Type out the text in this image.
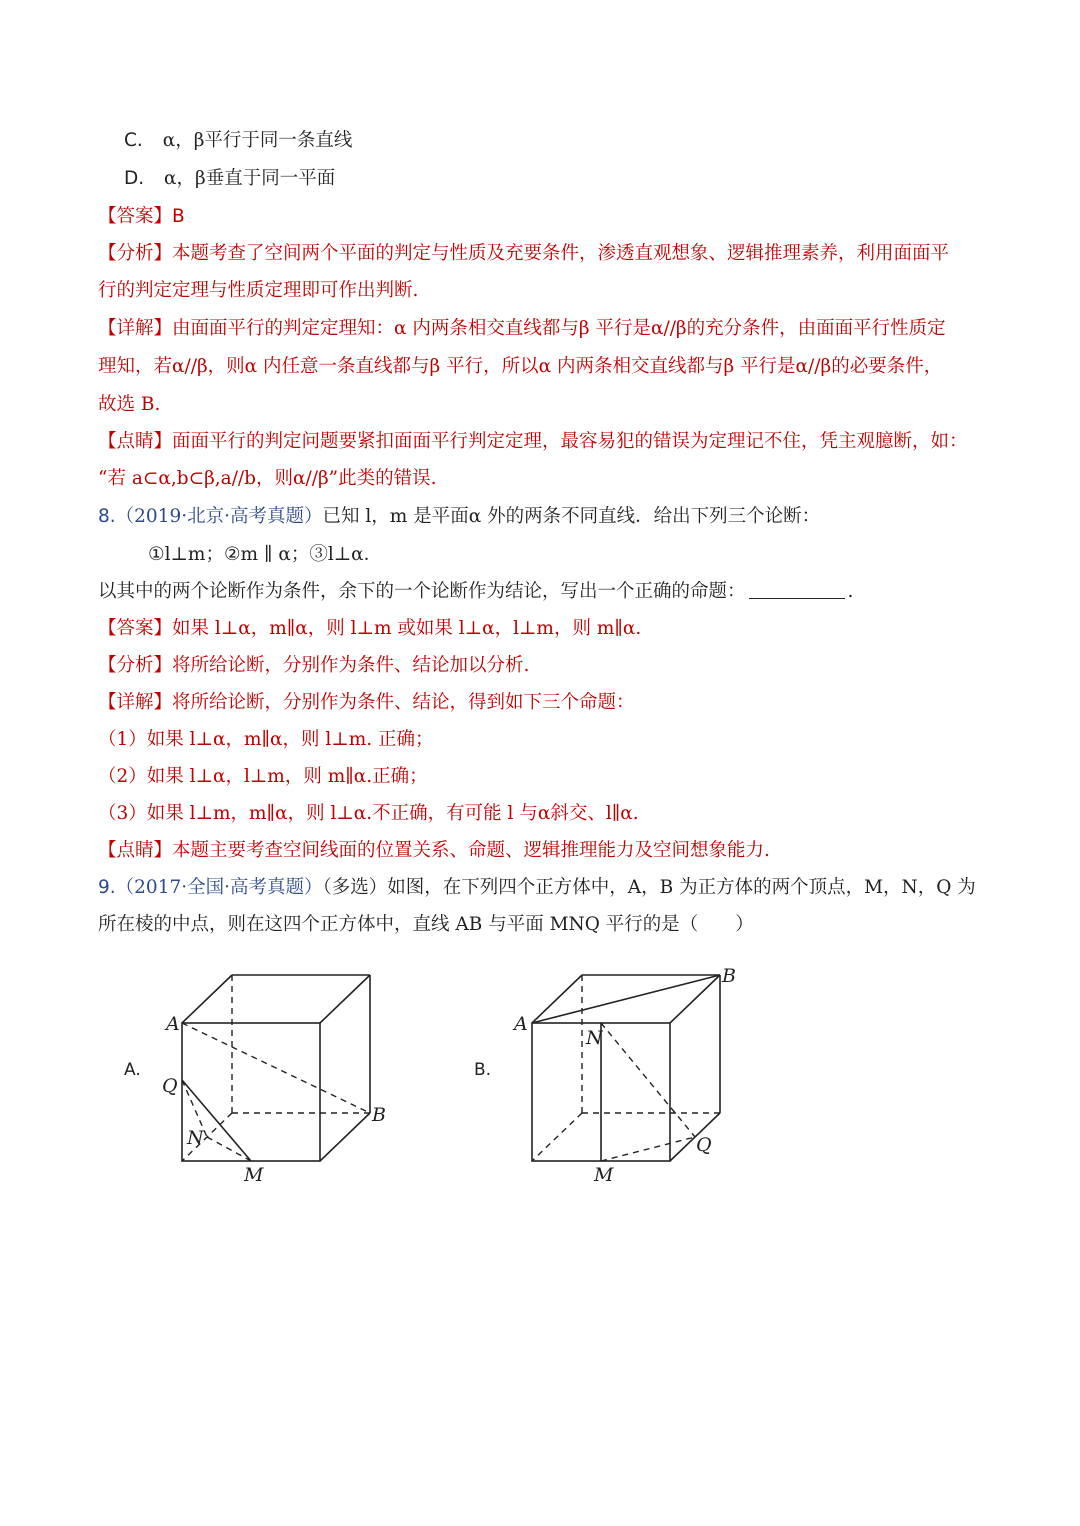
C. α，β平行于同一条直线
D. α，β垂直于同一平面
【答案】B
【分析】本题考查了空间两个平面的判定与性质及充要条件，渗透直观想象、逻辑推理素养，利用面面平
行的判定定理与性质定理即可作出判断.
【详解】由面面平行的判定定理知：α 内两条相交直线都与β 平行是α//β的充分条件，由面面平行性质定
理知，若α//β，则α 内任意一条直线都与β 平行，所以α 内两条相交直线都与β 平行是α//β的必要条件，
故选 B.
【点睛】面面平行的判定问题要紧扣面面平行判定定理，最容易犯的错误为定理记不住，凭主观臆断，如：
“若 a⊂α,b⊂β,a//b，则α//β”此类的错误.
8.（2019·北京·高考真题）已知 l，m 是平面α 外的两条不同直线．给出下列三个论断：
①l⊥m；②m ∥ α；③l⊥α．
以其中的两个论断作为条件，余下的一个论断作为结论，写出一个正确的命题：	.
【答案】如果 l⊥α，m∥α，则 l⊥m 或如果 l⊥α，l⊥m，则 m∥α.
【分析】将所给论断，分别作为条件、结论加以分析.
【详解】将所给论断，分别作为条件、结论，得到如下三个命题：
（1）如果 l⊥α，m∥α，则 l⊥m. 正确；
（2）如果 l⊥α，l⊥m，则 m∥α.正确；
（3）如果 l⊥m，m∥α，则 l⊥α.不正确，有可能 l 与α斜交、l∥α.
【点睛】本题主要考查空间线面的位置关系、命题、逻辑推理能力及空间想象能力.
9.（2017·全国·高考真题）（多选）如图，在下列四个正方体中，A，B 为正方体的两个顶点，M，N，Q 为
所在棱的中点，则在这四个正方体中，直线 AB 与平面 MNQ 平行的是（　　）
A.
A
B
Q
N
M
B.
A
B
N
Q
M
